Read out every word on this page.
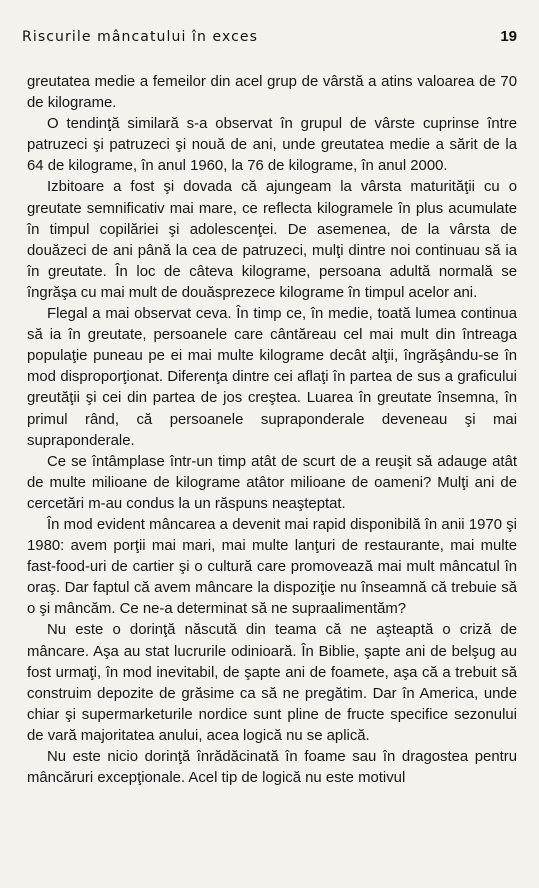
Riscurile mâncatului în exces	19

greutatea medie a femeilor din acel grup de vârstă a atins valoarea de 70 de kilograme.

O tendinţă similară s-a observat în grupul de vârste cuprinse între patruzeci şi patruzeci şi nouă de ani, unde greutatea medie a sărit de la 64 de kilograme, în anul 1960, la 76 de kilograme, în anul 2000.

Izbitoare a fost şi dovada că ajungeam la vârsta maturităţii cu o greutate semnificativ mai mare, ce reflecta kilogramele în plus acumulate în timpul copilăriei şi adolescenţei. De asemenea, de la vârsta de douăzeci de ani până la cea de patruzeci, mulţi dintre noi continuau să ia în greutate. În loc de câteva kilograme, persoana adultă normală se îngrăşa cu mai mult de douăsprezece kilograme în timpul acelor ani.

Flegal a mai observat ceva. În timp ce, în medie, toată lumea continua să ia în greutate, persoanele care cântăreau cel mai mult din întreaga populaţie puneau pe ei mai multe kilograme decât alţii, îngrăşându-se în mod disproporţionat. Diferenţa dintre cei aflaţi în partea de sus a graficului greutăţii şi cei din partea de jos creştea. Luarea în greutate însemna, în primul rând, că persoanele supraponderale deveneau şi mai supraponderale.

Ce se întâmplase într-un timp atât de scurt de a reuşit să adauge atât de multe milioane de kilograme atâtor milioane de oameni? Mulţi ani de cercetări m-au condus la un răspuns neaşteptat.

În mod evident mâncarea a devenit mai rapid disponibilă în anii 1970 şi 1980: avem porţii mai mari, mai multe lanţuri de restaurante, mai multe fast-food-uri de cartier şi o cultură care promovează mai mult mâncatul în oraş. Dar faptul că avem mâncare la dispoziţie nu înseamnă că trebuie să o şi mâncăm. Ce ne-a determinat să ne supraalimentăm?

Nu este o dorinţă născută din teama că ne aşteaptă o criză de mâncare. Aşa au stat lucrurile odinioară. În Biblie, şapte ani de belşug au fost urmaţi, în mod inevitabil, de şapte ani de foamete, aşa că a trebuit să construim depozite de grăsime ca să ne pregătim. Dar în America, unde chiar şi supermarketurile nordice sunt pline de fructe specifice sezonului de vară majoritatea anului, acea logică nu se aplică.

Nu este nicio dorinţă înrădăcinată în foame sau în dragostea pentru mâncăruri excepţionale. Acel tip de logică nu este motivul
